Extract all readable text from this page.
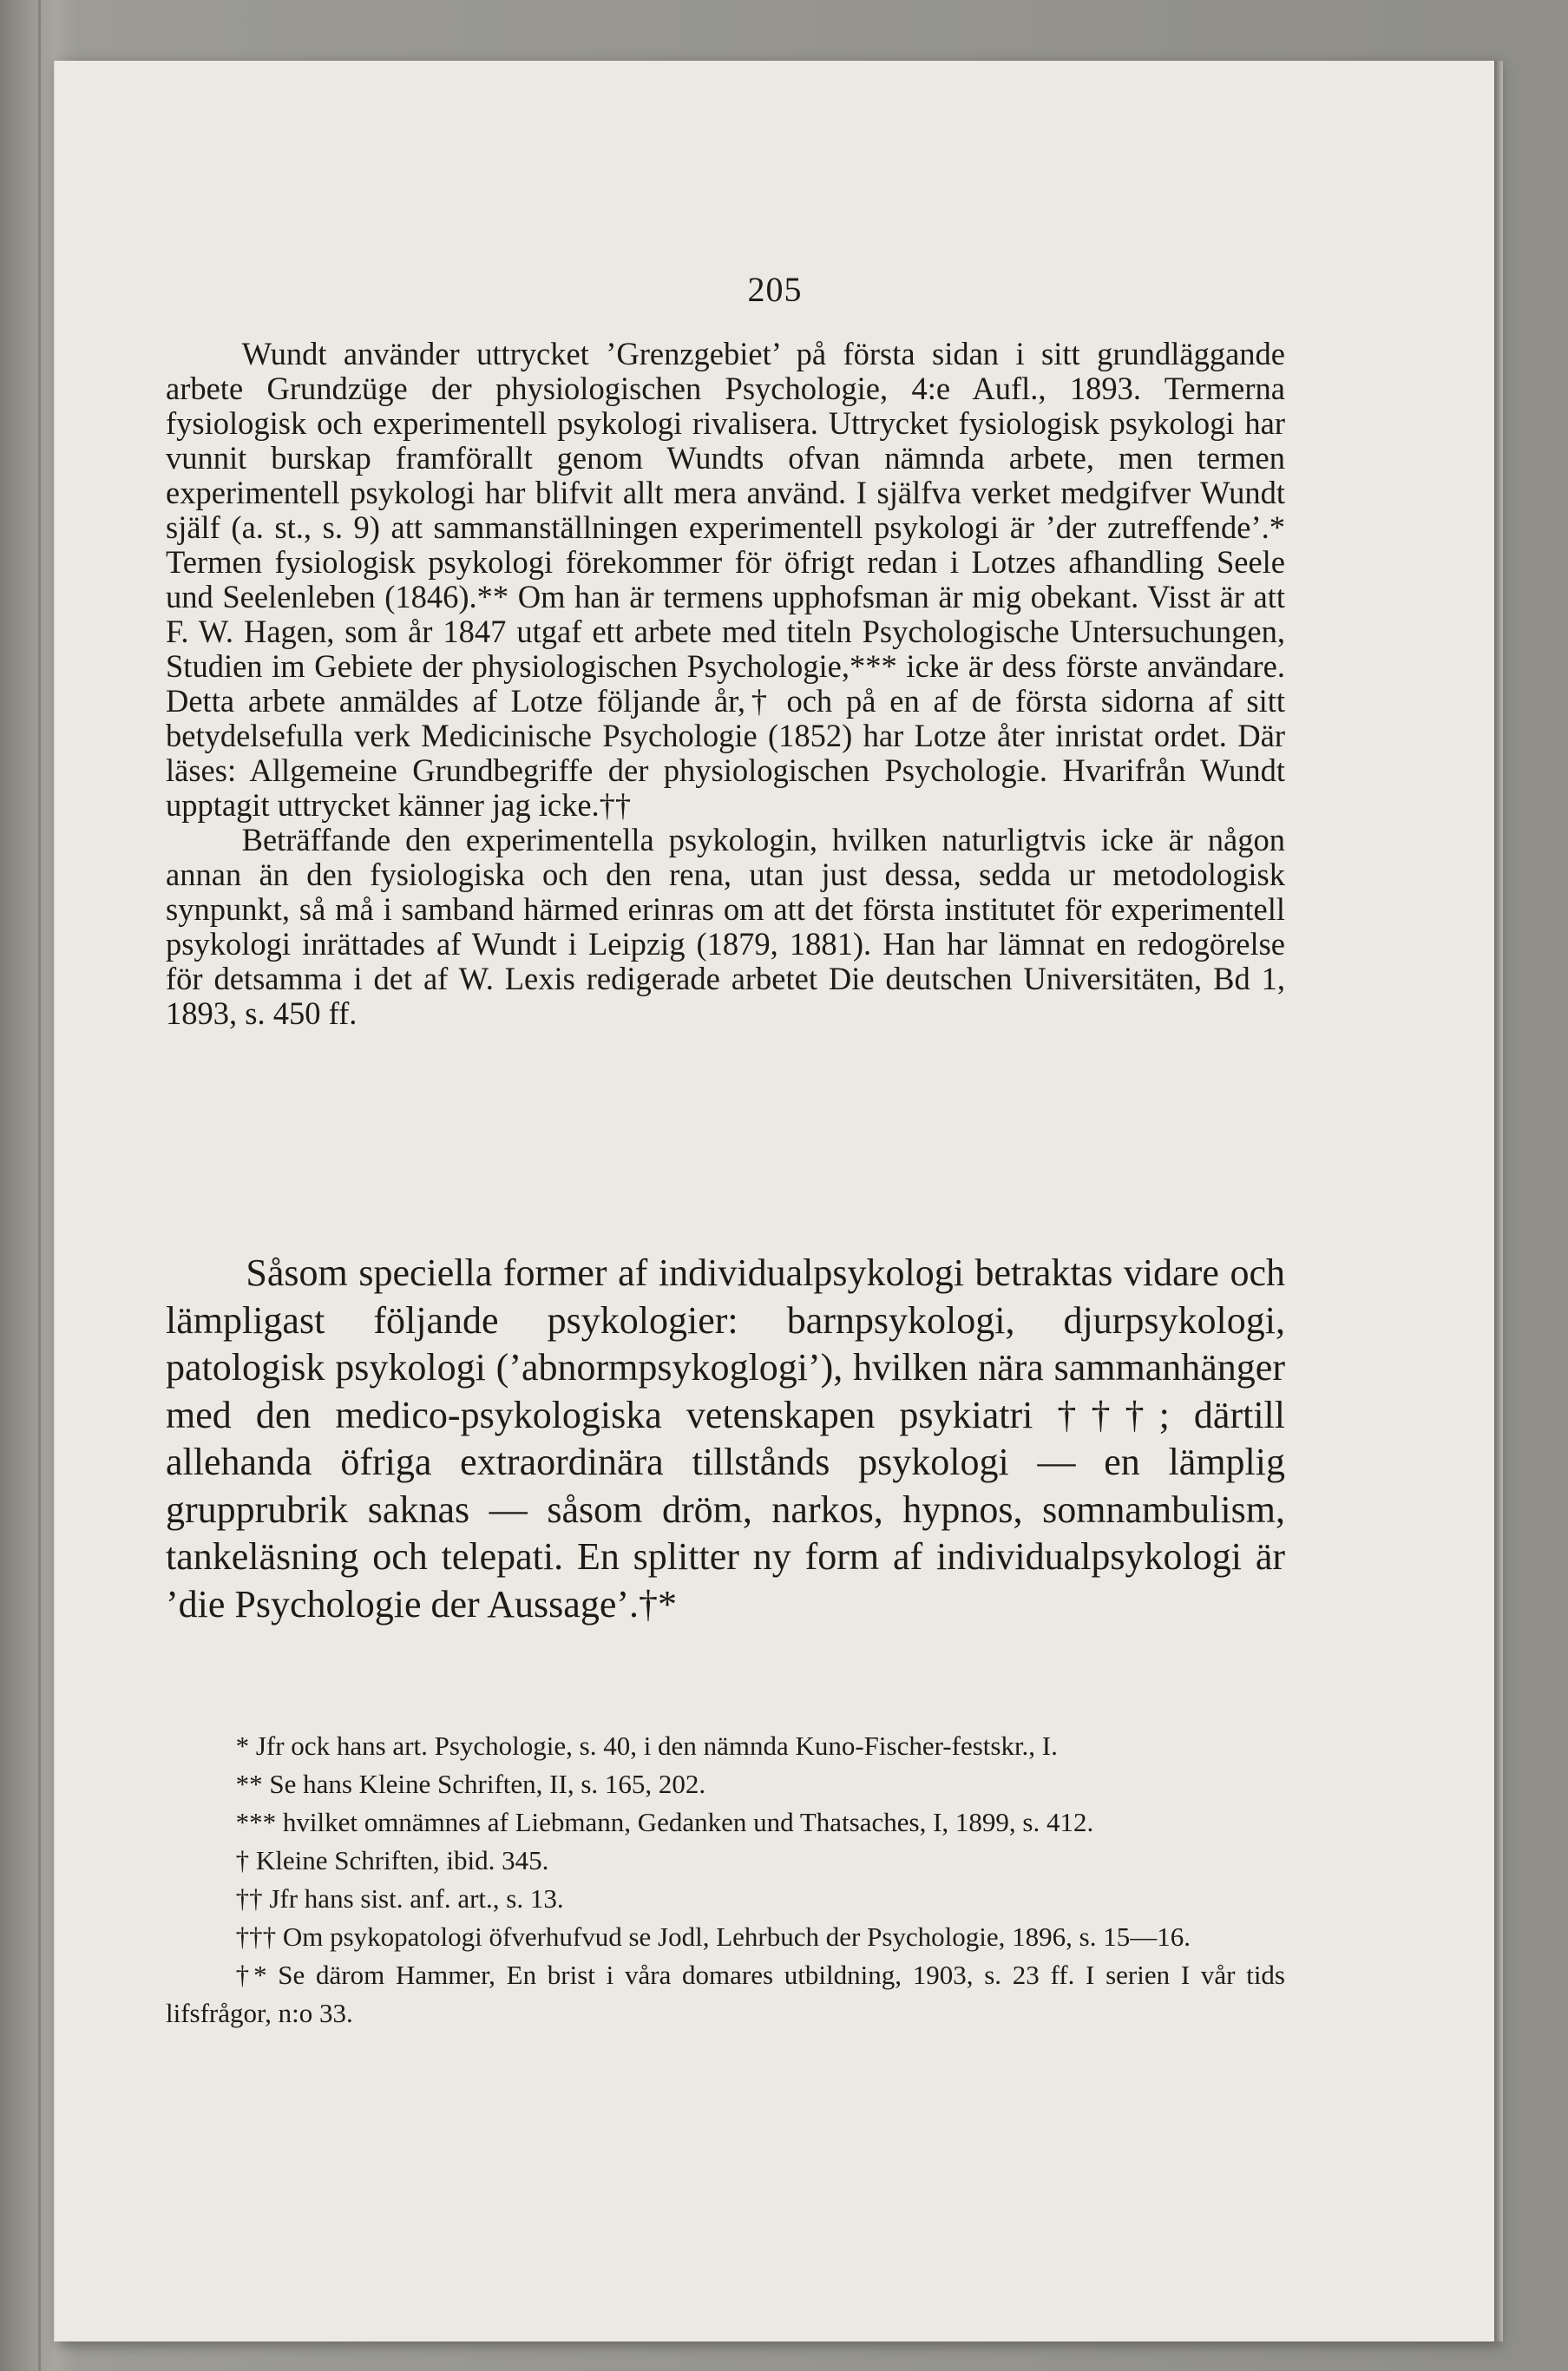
205

Wundt använder uttrycket ’Grenzgebiet’ på första sidan i sitt grundläggande arbete Grundzüge der physiologischen Psychologie, 4:e Aufl., 1893. Termerna fysiologisk och experimentell psykologi rivalisera. Uttrycket fysiologisk psykologi har vunnit burskap framförallt genom Wundts ofvan nämnda arbete, men termen experimentell psykologi har blifvit allt mera använd. I själfva verket medgifver Wundt själf (a. st., s. 9) att sammanställningen experimentell psykologi är ’der zutreffende’.* Termen fysiologisk psykologi förekommer för öfrigt redan i Lotzes afhandling Seele und Seelenleben (1846).** Om han är termens upphofsman är mig obekant. Visst är att F. W. Hagen, som år 1847 utgaf ett arbete med titeln Psychologische Untersuchungen, Studien im Gebiete der physiologischen Psychologie,*** icke är dess förste användare. Detta arbete anmäldes af Lotze följande år,† och på en af de första sidorna af sitt betydelsefulla verk Medicinische Psychologie (1852) har Lotze åter inristat ordet. Där läses: Allgemeine Grundbegriffe der physiologischen Psychologie. Hvarifrån Wundt upptagit uttrycket känner jag icke.††

Beträffande den experimentella psykologin, hvilken naturligtvis icke är någon annan än den fysiologiska och den rena, utan just dessa, sedda ur metodologisk synpunkt, så må i samband härmed erinras om att det första institutet för experimentell psykologi inrättades af Wundt i Leipzig (1879, 1881). Han har lämnat en redogörelse för detsamma i det af W. Lexis redigerade arbetet Die deutschen Universitäten, Bd 1, 1893, s. 450 ff.

Såsom speciella former af individualpsykologi betraktas vidare och lämpligast följande psykologier: barnpsykologi, djurpsykologi, patologisk psykologi (’abnormpsykoglogi’), hvilken nära sammanhänger med den medico-psykologiska vetenskapen psykiatri †††; därtill allehanda öfriga extraordinära tillstånds psykologi — en lämplig grupprubrik saknas — såsom dröm, narkos, hypnos, somnambulism, tankeläsning och telepati. En splitter ny form af individualpsykologi är ’die Psychologie der Aussage’.†*

* Jfr ock hans art. Psychologie, s. 40, i den nämnda Kuno-Fischer-festskr., I.
** Se hans Kleine Schriften, II, s. 165, 202.
*** hvilket omnämnes af Liebmann, Gedanken und Thatsaches, I, 1899, s. 412.
† Kleine Schriften, ibid. 345.
†† Jfr hans sist. anf. art., s. 13.
††† Om psykopatologi öfverhufvud se Jodl, Lehrbuch der Psychologie, 1896, s. 15—16.
†* Se därom Hammer, En brist i våra domares utbildning, 1903, s. 23 ff. I serien I vår tids lifsfrågor, n:o 33.
